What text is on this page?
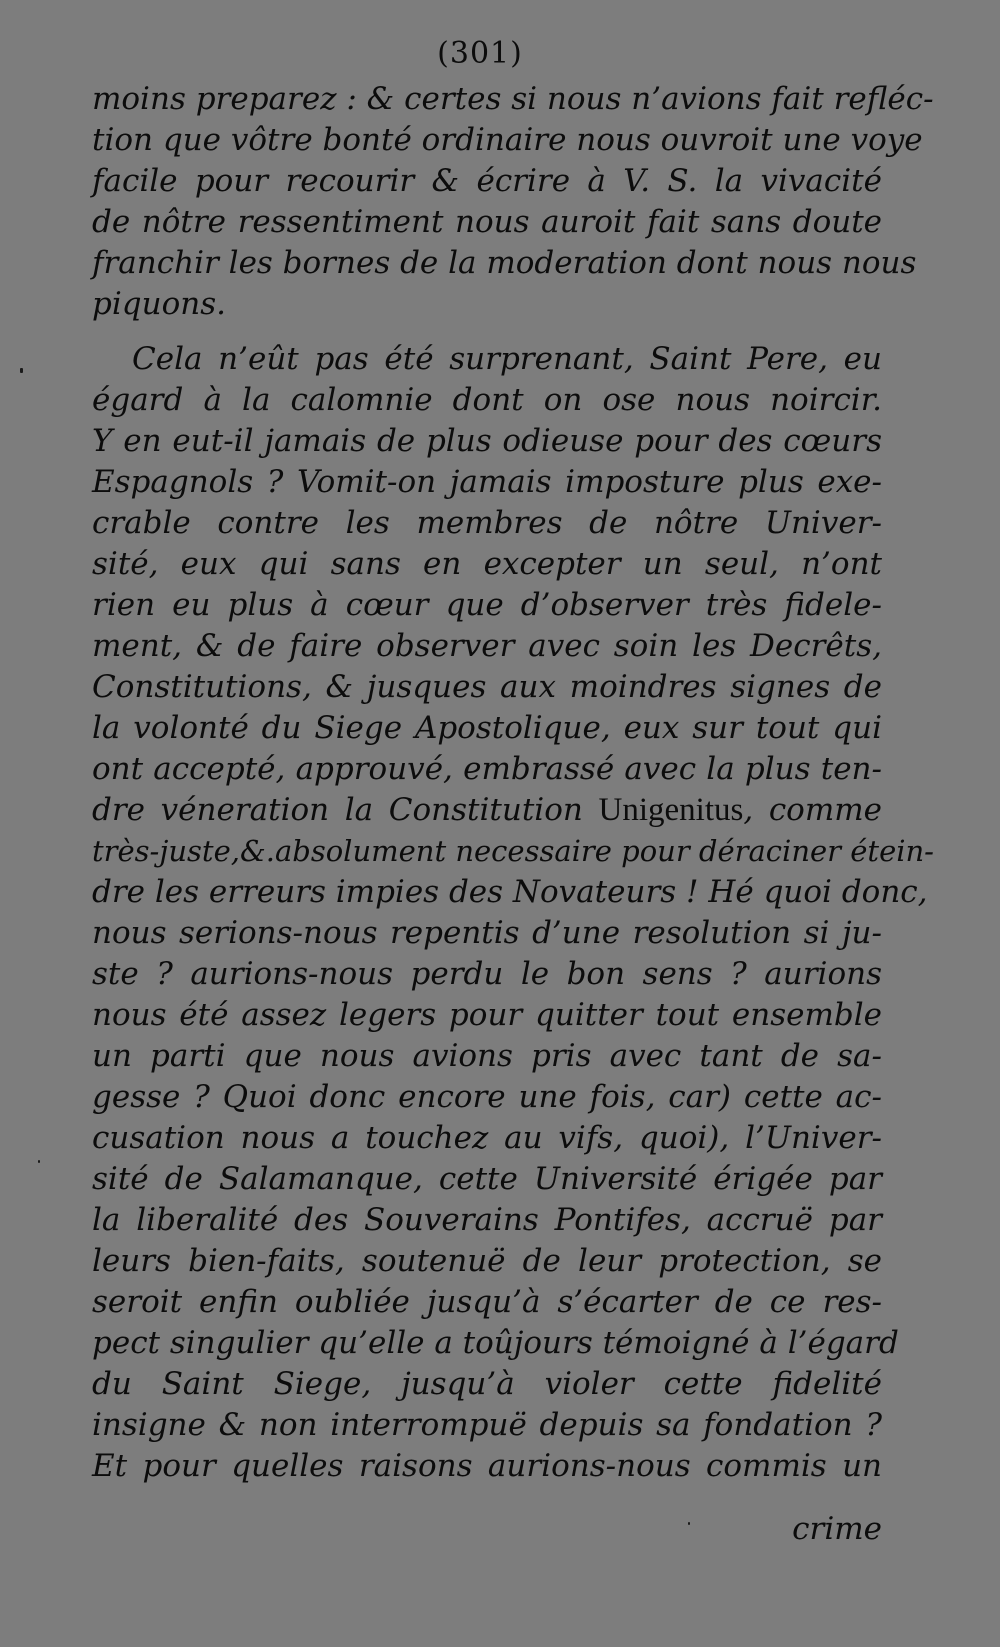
(301)
moins preparez : & certes si nous n’avions fait refléc-
tion que vôtre bonté ordinaire nous ouvroit une voye
facile pour recourir & écrire à V. S. la vivacité
de nôtre ressentiment nous auroit fait sans doute
franchir les bornes de la moderation dont nous nous
piquons.
Cela n’eût pas été surprenant, Saint Pere, eu
égard à la calomnie dont on ose nous noircir.
Y en eut-il jamais de plus odieuse pour des cœurs
Espagnols ? Vomit-on jamais imposture plus exe-
crable contre les membres de nôtre Univer-
sité, eux qui sans en excepter un seul, n’ont
rien eu plus à cœur que d’observer très fidele-
ment, & de faire observer avec soin les Decrêts,
Constitutions, & jusques aux moindres signes de
la volonté du Siege Apostolique, eux sur tout qui
ont accepté, approuvé, embrassé avec la plus ten-
dre véneration la Constitution Unigenitus, comme
très-juste,&.absolument necessaire pour déraciner étein-
dre les erreurs impies des Novateurs ! Hé quoi donc,
nous serions-nous repentis d’une resolution si ju-
ste ? aurions-nous perdu le bon sens ? aurions
nous été assez legers pour quitter tout ensemble
un parti que nous avions pris avec tant de sa-
gesse ? Quoi donc encore une fois, car) cette ac-
cusation nous a touchez au vifs, quoi), l’Univer-
sité de Salamanque, cette Université érigée par
la liberalité des Souverains Pontifes, accruë par
leurs bien-faits, soutenuë de leur protection, se
seroit enfin oubliée jusqu’à s’écarter de ce res-
pect singulier qu’elle a toûjours témoigné à l’égard
du Saint Siege, jusqu’à violer cette fidelité
insigne & non interrompuë depuis sa fondation ?
Et pour quelles raisons aurions-nous commis un
crime
